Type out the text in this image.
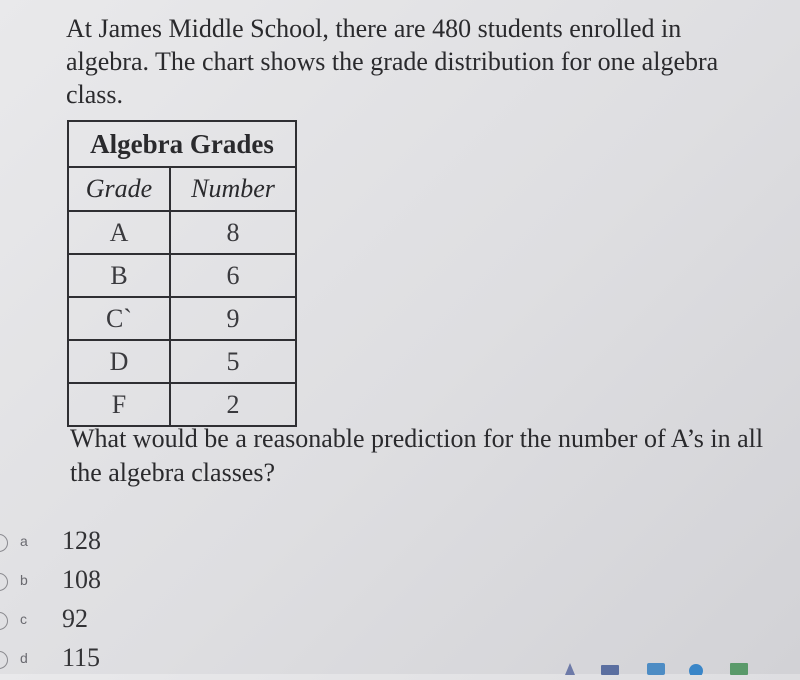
At James Middle School, there are 480 students enrolled in algebra. The chart shows the grade distribution for one algebra class.

Algebra Grades	
Grade	Number
A	8
B	6
C`	9
D	5
F	2

What would be a reasonable prediction for the number of A’s in all the algebra classes?

a 128
b 108
c 92
d 115
